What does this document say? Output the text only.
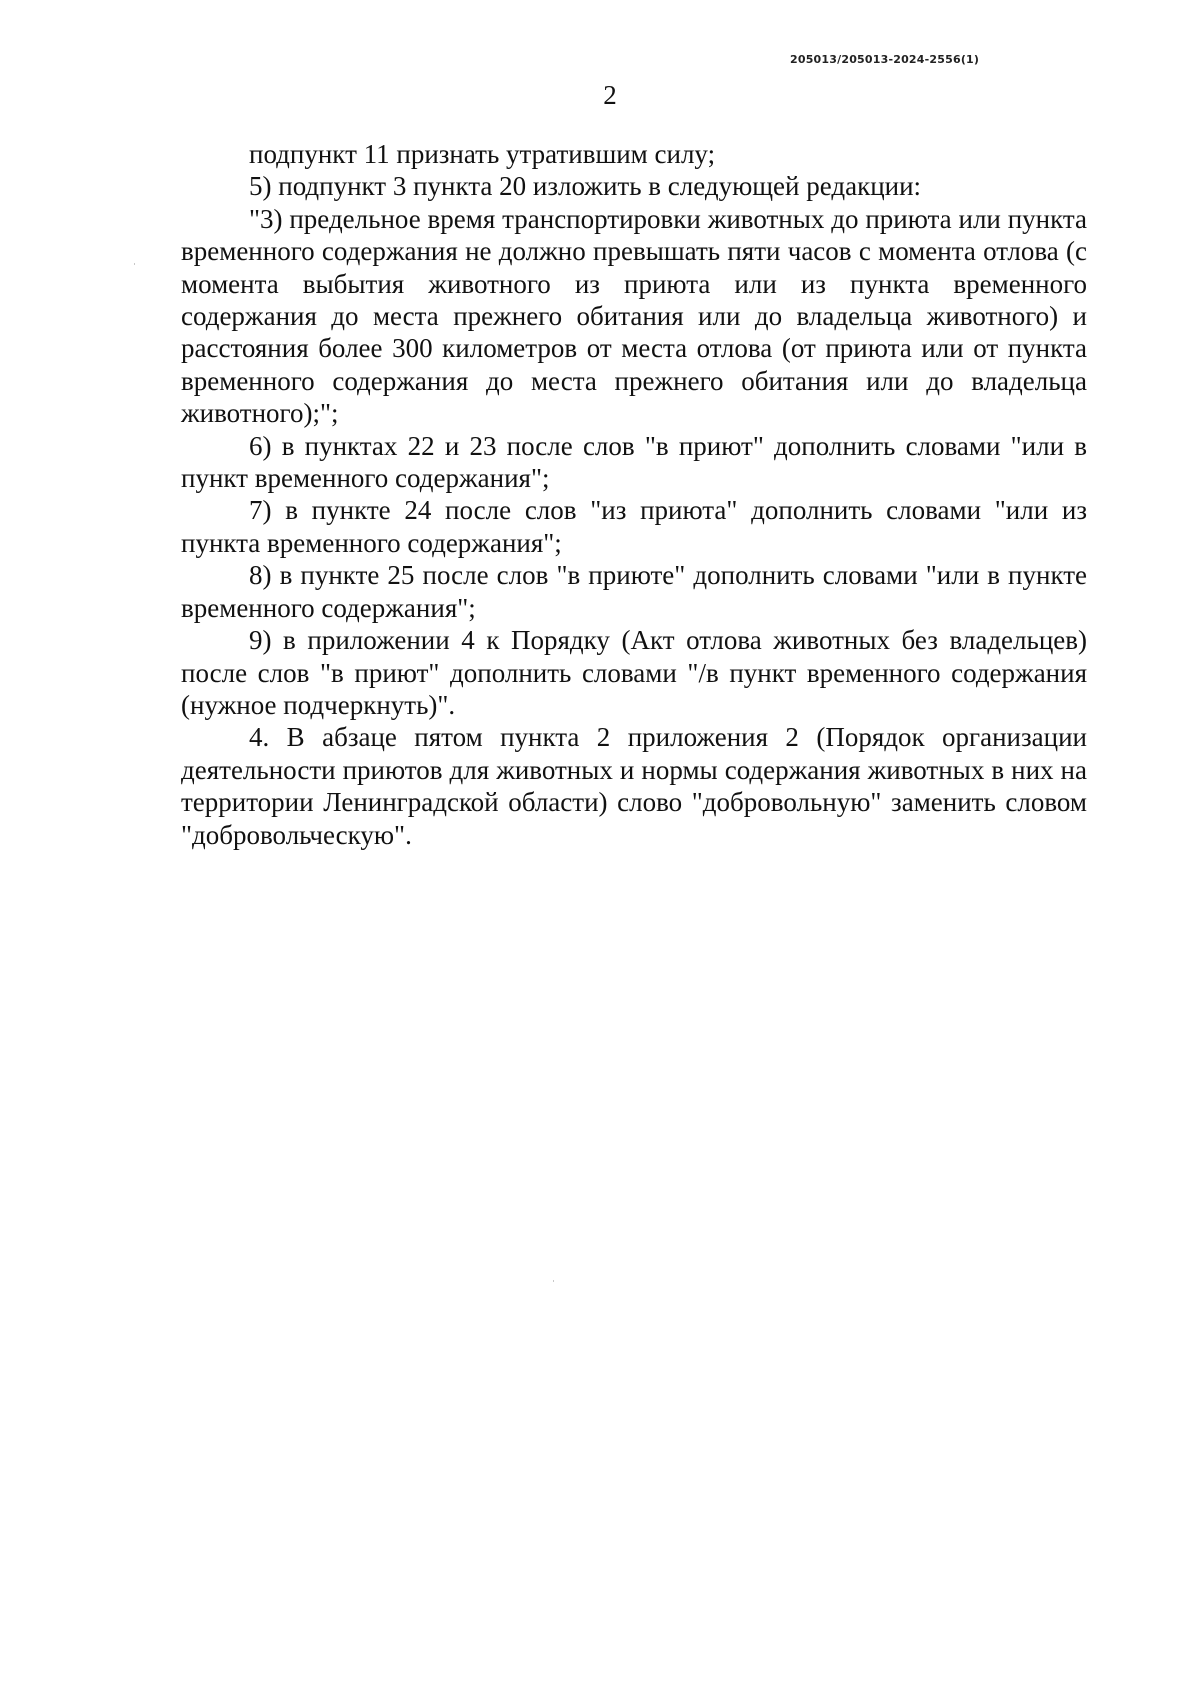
205013/205013-2024-2556(1)
2

подпункт 11 признать утратившим силу;

5) подпункт 3 пункта 20 изложить в следующей редакции:

"3) предельное время транспортировки животных до приюта или пункта временного содержания не должно превышать пяти часов с момента отлова (с момента выбытия животного из приюта или из пункта временного содержания до места прежнего обитания или до владельца животного) и расстояния более 300 километров от места отлова (от приюта или от пункта временного содержания до места прежнего обитания или до владельца животного);";

6) в пунктах 22 и 23 после слов "в приют" дополнить словами "или в пункт временного содержания";

7) в пункте 24 после слов "из приюта" дополнить словами "или из пункта временного содержания";

8) в пункте 25 после слов "в приюте" дополнить словами "или в пункте временного содержания";

9) в приложении 4 к Порядку (Акт отлова животных без владельцев) после слов "в приют" дополнить словами "/в пункт временного содержания (нужное подчеркнуть)".

4. В абзаце пятом пункта 2 приложения 2 (Порядок организации деятельности приютов для животных и нормы содержания животных в них на территории Ленинградской области) слово "добровольную" заменить словом "добровольческую".
